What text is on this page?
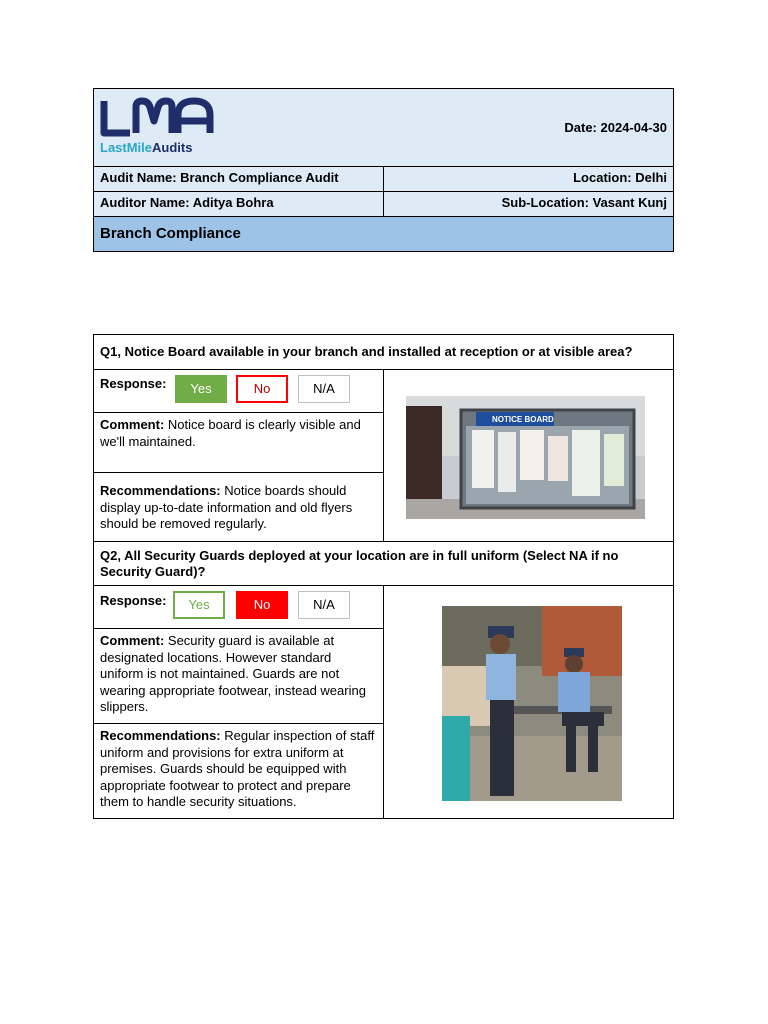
LastMileAudits
Date: 2024-04-30
Audit Name: Branch Compliance Audit	Location: Delhi
Auditor Name: Aditya Bohra	Sub-Location: Vasant Kunj
Branch Compliance
Q1, Notice Board available in your branch and installed at reception or at visible area?
Response:	Yes	No	N/A
Comment: Notice board is clearly visible and we'll maintained.
Recommendations: Notice boards should display up-to-date information and old flyers should be removed regularly.
NOTICE BOARD
Q2, All Security Guards deployed at your location are in full uniform (Select NA if no Security Guard)?
Response:	Yes	No	N/A
Comment: Security guard is available at designated locations. However standard uniform is not maintained. Guards are not wearing appropriate footwear, instead wearing slippers.
Recommendations: Regular inspection of staff uniform and provisions for extra uniform at premises. Guards should be equipped with appropriate footwear to protect and prepare them to handle security situations.
